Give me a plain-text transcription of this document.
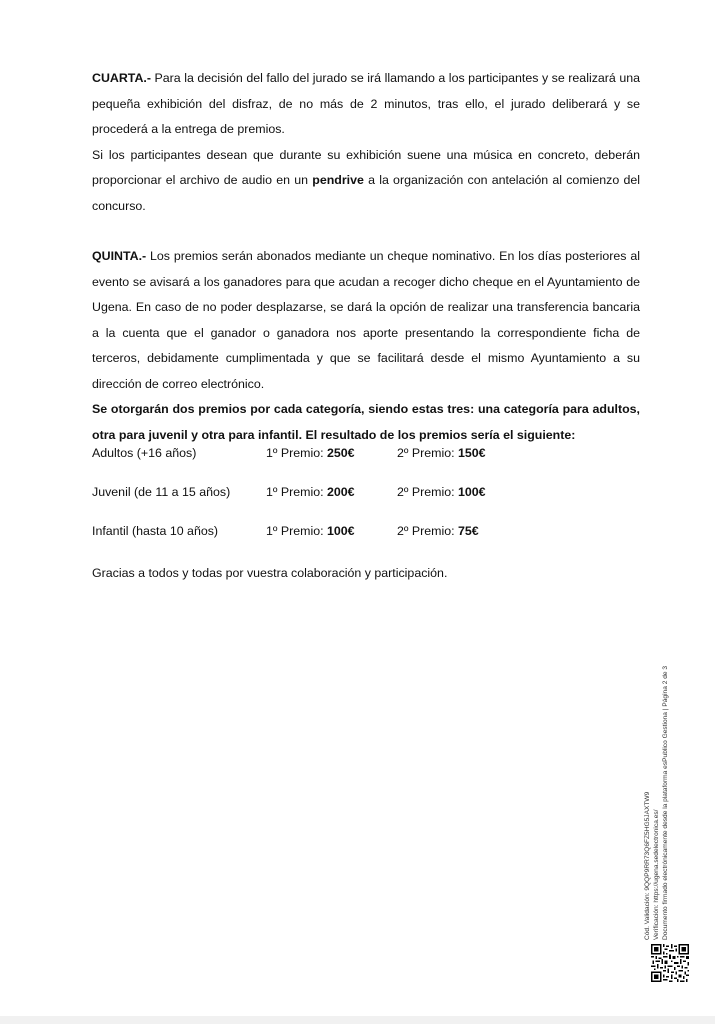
CUARTA.- Para la decisión del fallo del jurado se irá llamando a los participantes y se realizará una pequeña exhibición del disfraz, de no más de 2 minutos, tras ello, el jurado deliberará y se procederá a la entrega de premios.

Si los participantes desean que durante su exhibición suene una música en concreto, deberán proporcionar el archivo de audio en un pendrive a la organización con antelación al comienzo del concurso.

QUINTA.- Los premios serán abonados mediante un cheque nominativo. En los días posteriores al evento se avisará a los ganadores para que acudan a recoger dicho cheque en el Ayuntamiento de Ugena. En caso de no poder desplazarse, se dará la opción de realizar una transferencia bancaria a la cuenta que el ganador o ganadora nos aporte presentando la correspondiente ficha de terceros, debidamente cumplimentada y que se facilitará desde el mismo Ayuntamiento a su dirección de correo electrónico.

Se otorgarán dos premios por cada categoría, siendo estas tres: una categoría para adultos, otra para juvenil y otra para infantil. El resultado de los premios sería el siguiente:

Adultos (+16 años)	1º Premio: 250€	2º Premio: 150€
Juvenil (de 11 a 15 años)	1º Premio: 200€	2º Premio: 100€
Infantil (hasta 10 años)	1º Premio: 100€	2º Premio: 75€
Gracias a todos y todas por vuestra colaboración y participación.
Cód. Validación: 9QQP9RR73Q6FZ5HG5JAXTW9 Verificación: https://ugena.sedelectronica.es/ Documento firmado electrónicamente desde la plataforma esPublico Gestiona | Página 2 de 3
